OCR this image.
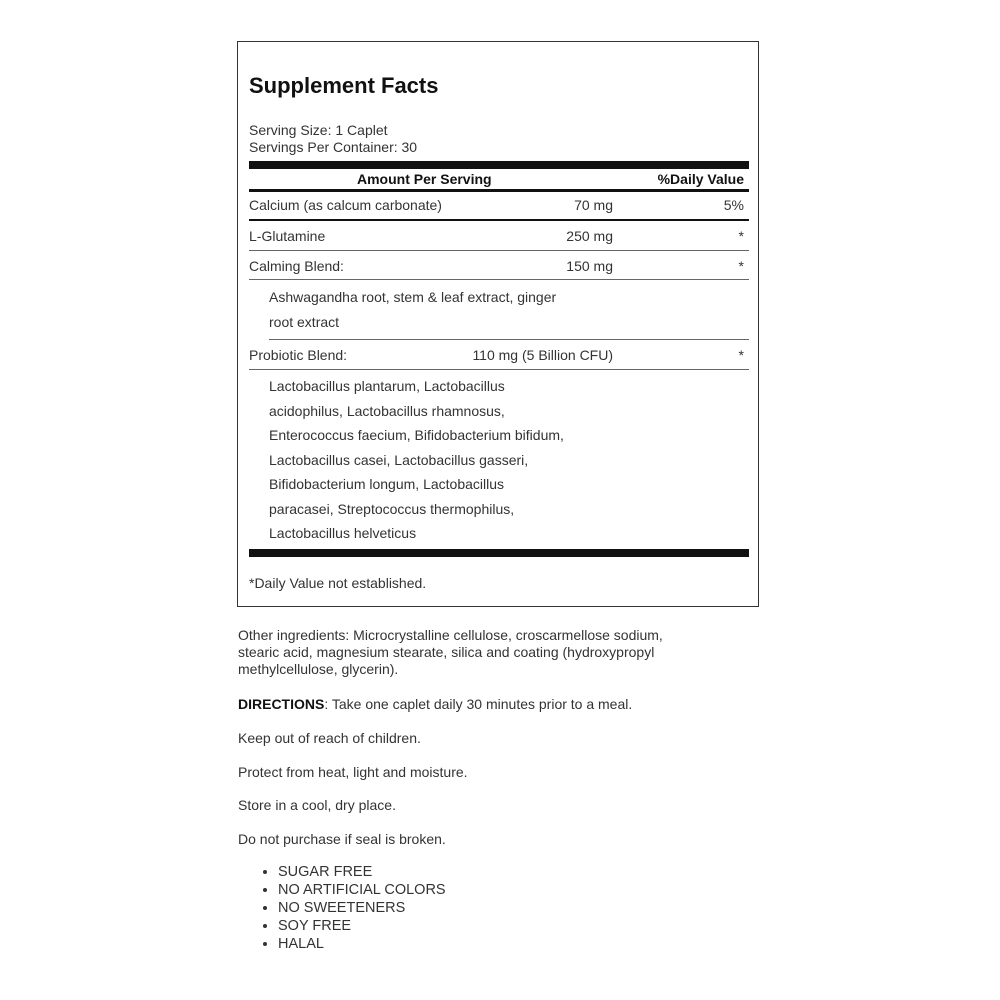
Supplement Facts
Serving Size: 1 Caplet
Servings Per Container: 30
Amount Per Serving	%Daily Value
Calcium (as calcum carbonate)	70 mg	5%
L-Glutamine	250 mg	*
Calming Blend:	150 mg	*
Ashwagandha root, stem & leaf extract, ginger
root extract
Probiotic Blend:	110 mg (5 Billion CFU)	*
Lactobacillus plantarum, Lactobacillus
acidophilus, Lactobacillus rhamnosus,
Enterococcus faecium, Bifidobacterium bifidum,
Lactobacillus casei, Lactobacillus gasseri,
Bifidobacterium longum, Lactobacillus
paracasei, Streptococcus thermophilus,
Lactobacillus helveticus
*Daily Value not established.
Other ingredients: Microcrystalline cellulose, croscarmellose sodium,
stearic acid, magnesium stearate, silica and coating (hydroxypropyl
methylcellulose, glycerin).
DIRECTIONS: Take one caplet daily 30 minutes prior to a meal.
Keep out of reach of children.
Protect from heat, light and moisture.
Store in a cool, dry place.
Do not purchase if seal is broken.
• SUGAR FREE
• NO ARTIFICIAL COLORS
• NO SWEETENERS
• SOY FREE
• HALAL
